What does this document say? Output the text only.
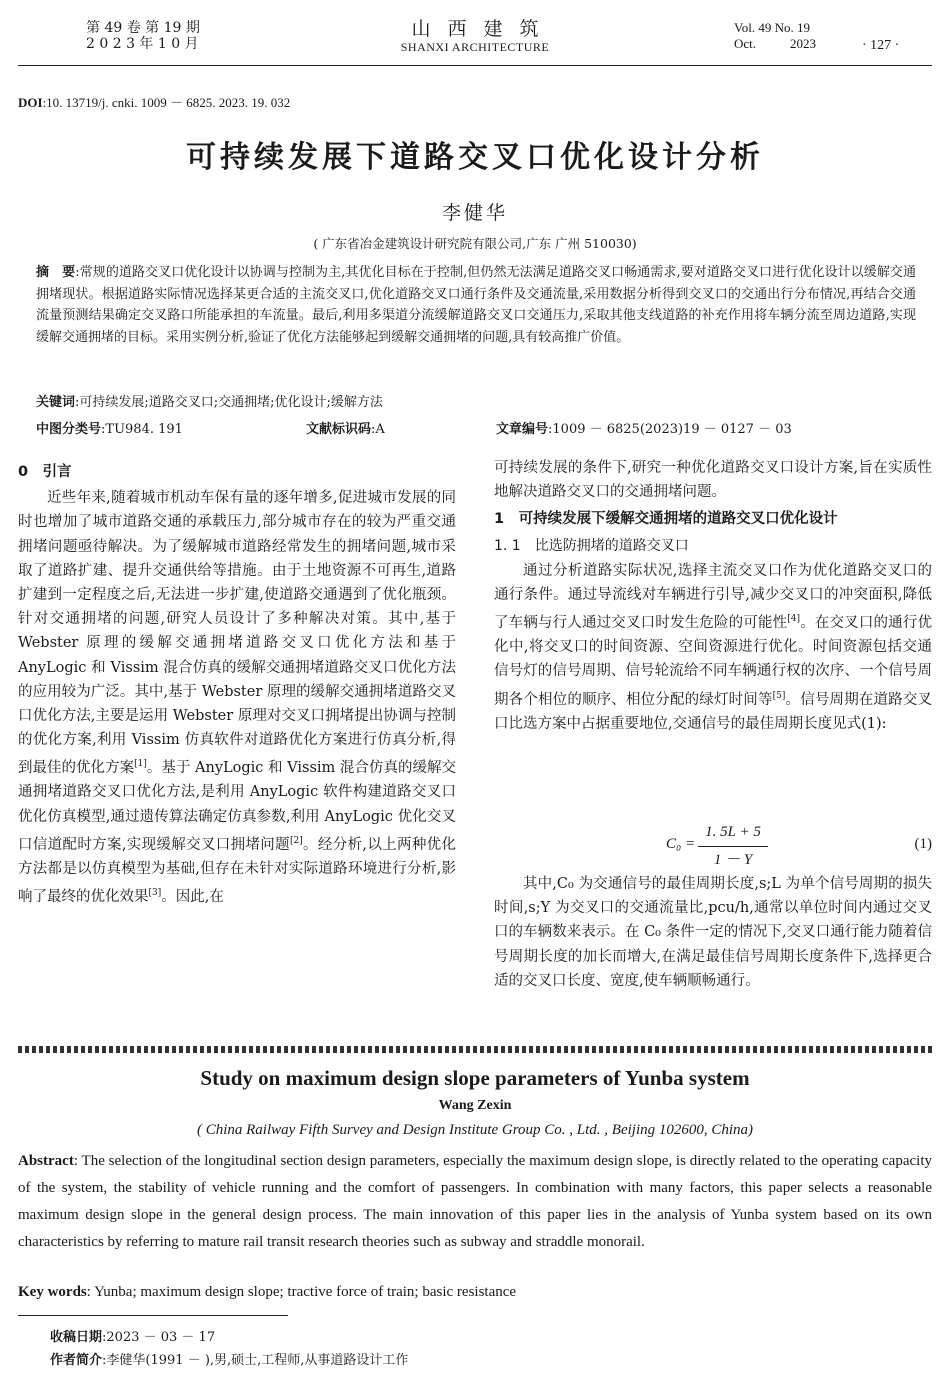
第 49 卷 第 19 期
2 0 2 3 年 1 0 月
山西建筑
SHANXI ARCHITECTURE
Vol. 49 No. 19
Oct.	2023	· 127 ·
DOI:10. 13719/j. cnki. 1009 － 6825. 2023. 19. 032
可持续发展下道路交叉口优化设计分析
李健华
( 广东省冶金建筑设计研究院有限公司,广东 广州 510030)
摘　要:常规的道路交叉口优化设计以协调与控制为主,其优化目标在于控制,但仍然无法满足道路交叉口畅通需求,要对道路交叉口进行优化设计以缓解交通拥堵现状。根据道路实际情况选择某更合适的主流交叉口,优化道路交叉口通行条件及交通流量,采用数据分析得到交叉口的交通出行分布情况,再结合交通流量预测结果确定交叉路口所能承担的车流量。最后,利用多渠道分流缓解道路交叉口交通压力,采取其他支线道路的补充作用将车辆分流至周边道路,实现缓解交通拥堵的目标。采用实例分析,验证了优化方法能够起到缓解交通拥堵的问题,具有较高推广价值。
关键词:可持续发展;道路交叉口;交通拥堵;优化设计;缓解方法
中图分类号:TU984. 191	文献标识码:A	文章编号:1009 － 6825(2023)19 － 0127 － 03
0　引言

近些年来,随着城市机动车保有量的逐年增多,促进城市发展的同时也增加了城市道路交通的承载压力,部分城市存在的较为严重交通拥堵问题亟待解决。为了缓解城市道路经常发生的拥堵问题,城市采取了道路扩建、提升交通供给等措施。由于土地资源不可再生,道路扩建到一定程度之后,无法进一步扩建,使道路交通遇到了优化瓶颈。针对交通拥堵的问题,研究人员设计了多种解决对策。其中,基于 Webster 原理的缓解交通拥堵道路交叉口优化方法和基于 AnyLogic 和 Vissim 混合仿真的缓解交通拥堵道路交叉口优化方法的应用较为广泛。其中,基于 Webster 原理的缓解交通拥堵道路交叉口优化方法,主要是运用 Webster 原理对交叉口拥堵提出协调与控制的优化方案,利用 Vissim 仿真软件对道路优化方案进行仿真分析,得到最佳的优化方案[1]。基于 AnyLogic 和 Vissim 混合仿真的缓解交通拥堵道路交叉口优化方法,是利用 AnyLogic 软件构建道路交叉口优化仿真模型,通过遗传算法确定仿真参数,利用 AnyLogic 优化交叉口信道配时方案,实现缓解交叉口拥堵问题[2]。经分析,以上两种优化方法都是以仿真模型为基础,但存在未针对实际道路环境进行分析,影响了最终的优化效果[3]。因此,在

可持续发展的条件下,研究一种优化道路交叉口设计方案,旨在实质性地解决道路交叉口的交通拥堵问题。

1　可持续发展下缓解交通拥堵的道路交叉口优化设计
1. 1　比选防拥堵的道路交叉口

通过分析道路实际状况,选择主流交叉口作为优化道路交叉口的通行条件。通过导流线对车辆进行引导,减少交叉口的冲突面积,降低了车辆与行人通过交叉口时发生危险的可能性[4]。在交叉口的通行优化中,将交叉口的时间资源、空间资源进行优化。时间资源包括交通信号灯的信号周期、信号轮流给不同车辆通行权的次序、一个信号周期各个相位的顺序、相位分配的绿灯时间等[5]。信号周期在道路交叉口比选方案中占据重要地位,交通信号的最佳周期长度见式(1):

C₀ =
1. 5L + 5
1 － Y
(1)

其中,C₀ 为交通信号的最佳周期长度,s;L 为单个信号周期的损失时间,s;Y 为交叉口的交通流量比,pcu/h,通常以单位时间内通过交叉口的车辆数来表示。在 C₀ 条件一定的情况下,交叉口通行能力随着信号周期长度的加长而增大,在满足最佳信号周期长度条件下,选择更合适的交叉口长度、宽度,使车辆顺畅通行。

Study on maximum design slope parameters of Yunba system
Wang Zexin
( China Railway Fifth Survey and Design Institute Group Co. , Ltd. , Beijing 102600, China)
Abstract: The selection of the longitudinal section design parameters, especially the maximum design slope, is directly related to the operating capacity of the system, the stability of vehicle running and the comfort of passengers. In combination with many factors, this paper selects a reasonable maximum design slope in the general design process. The main innovation of this paper lies in the analysis of Yunba system based on its own characteristics by referring to mature rail transit research theories such as subway and straddle monorail.
Key words: Yunba; maximum design slope; tractive force of train; basic resistance
收稿日期:2023 － 03 － 17
作者简介:李健华(1991 － ),男,硕士,工程师,从事道路设计工作
